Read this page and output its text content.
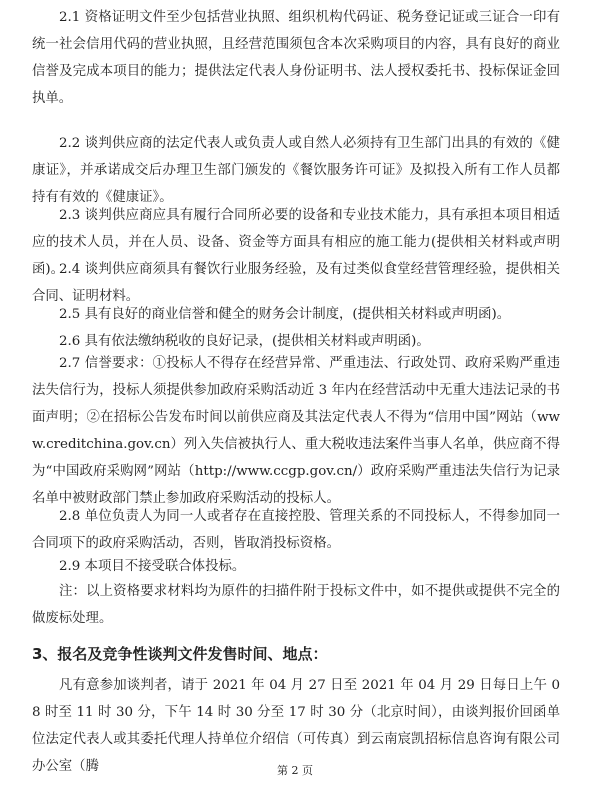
2.1 资格证明文件至少包括营业执照、组织机构代码证、税务登记证或三证合一印有统一社会信用代码的营业执照，且经营范围须包含本次采购项目的内容，具有良好的商业信誉及完成本项目的能力；提供法定代表人身份证明书、法人授权委托书、投标保证金回执单。
2.2 谈判供应商的法定代表人或负责人或自然人必须持有卫生部门出具的有效的《健康证》，并承诺成交后办理卫生部门颁发的《餐饮服务许可证》及拟投入所有工作人员都持有有效的《健康证》。
2.3 谈判供应商应具有履行合同所必要的设备和专业技术能力，具有承担本项目相适应的技术人员，并在人员、设备、资金等方面具有相应的施工能力(提供相关材料或声明函)。
2.4 谈判供应商须具有餐饮行业服务经验，及有过类似食堂经营管理经验，提供相关合同、证明材料。
2.5 具有良好的商业信誉和健全的财务会计制度，(提供相关材料或声明函)。
2.6 具有依法缴纳税收的良好记录，(提供相关材料或声明函)。
2.7 信誉要求：①投标人不得存在经营异常、严重违法、行政处罚、政府采购严重违法失信行为，投标人须提供参加政府采购活动近 3 年内在经营活动中无重大违法记录的书面声明；②在招标公告发布时间以前供应商及其法定代表人不得为“信用中国”网站（www.creditchina.gov.cn）列入失信被执行人、重大税收违法案件当事人名单，供应商不得为“中国政府采购网”网站（http://www.ccgp.gov.cn/）政府采购严重违法失信行为记录名单中被财政部门禁止参加政府采购活动的投标人。
2.8 单位负责人为同一人或者存在直接控股、管理关系的不同投标人，不得参加同一合同项下的政府采购活动，否则，皆取消投标资格。
2.9 本项目不接受联合体投标。
注：以上资格要求材料均为原件的扫描件附于投标文件中，如不提供或提供不完全的做废标处理。
3、报名及竞争性谈判文件发售时间、地点：
凡有意参加谈判者，请于 2021 年 04 月 27 日至 2021 年 04 月 29 日每日上午 08 时至 11 时 30 分，下午 14 时 30 分至 17 时 30 分（北京时间），由谈判报价回函单位法定代表人或其委托代理人持单位介绍信（可传真）到云南宸凯招标信息咨询有限公司办公室（腾	第 2 页
